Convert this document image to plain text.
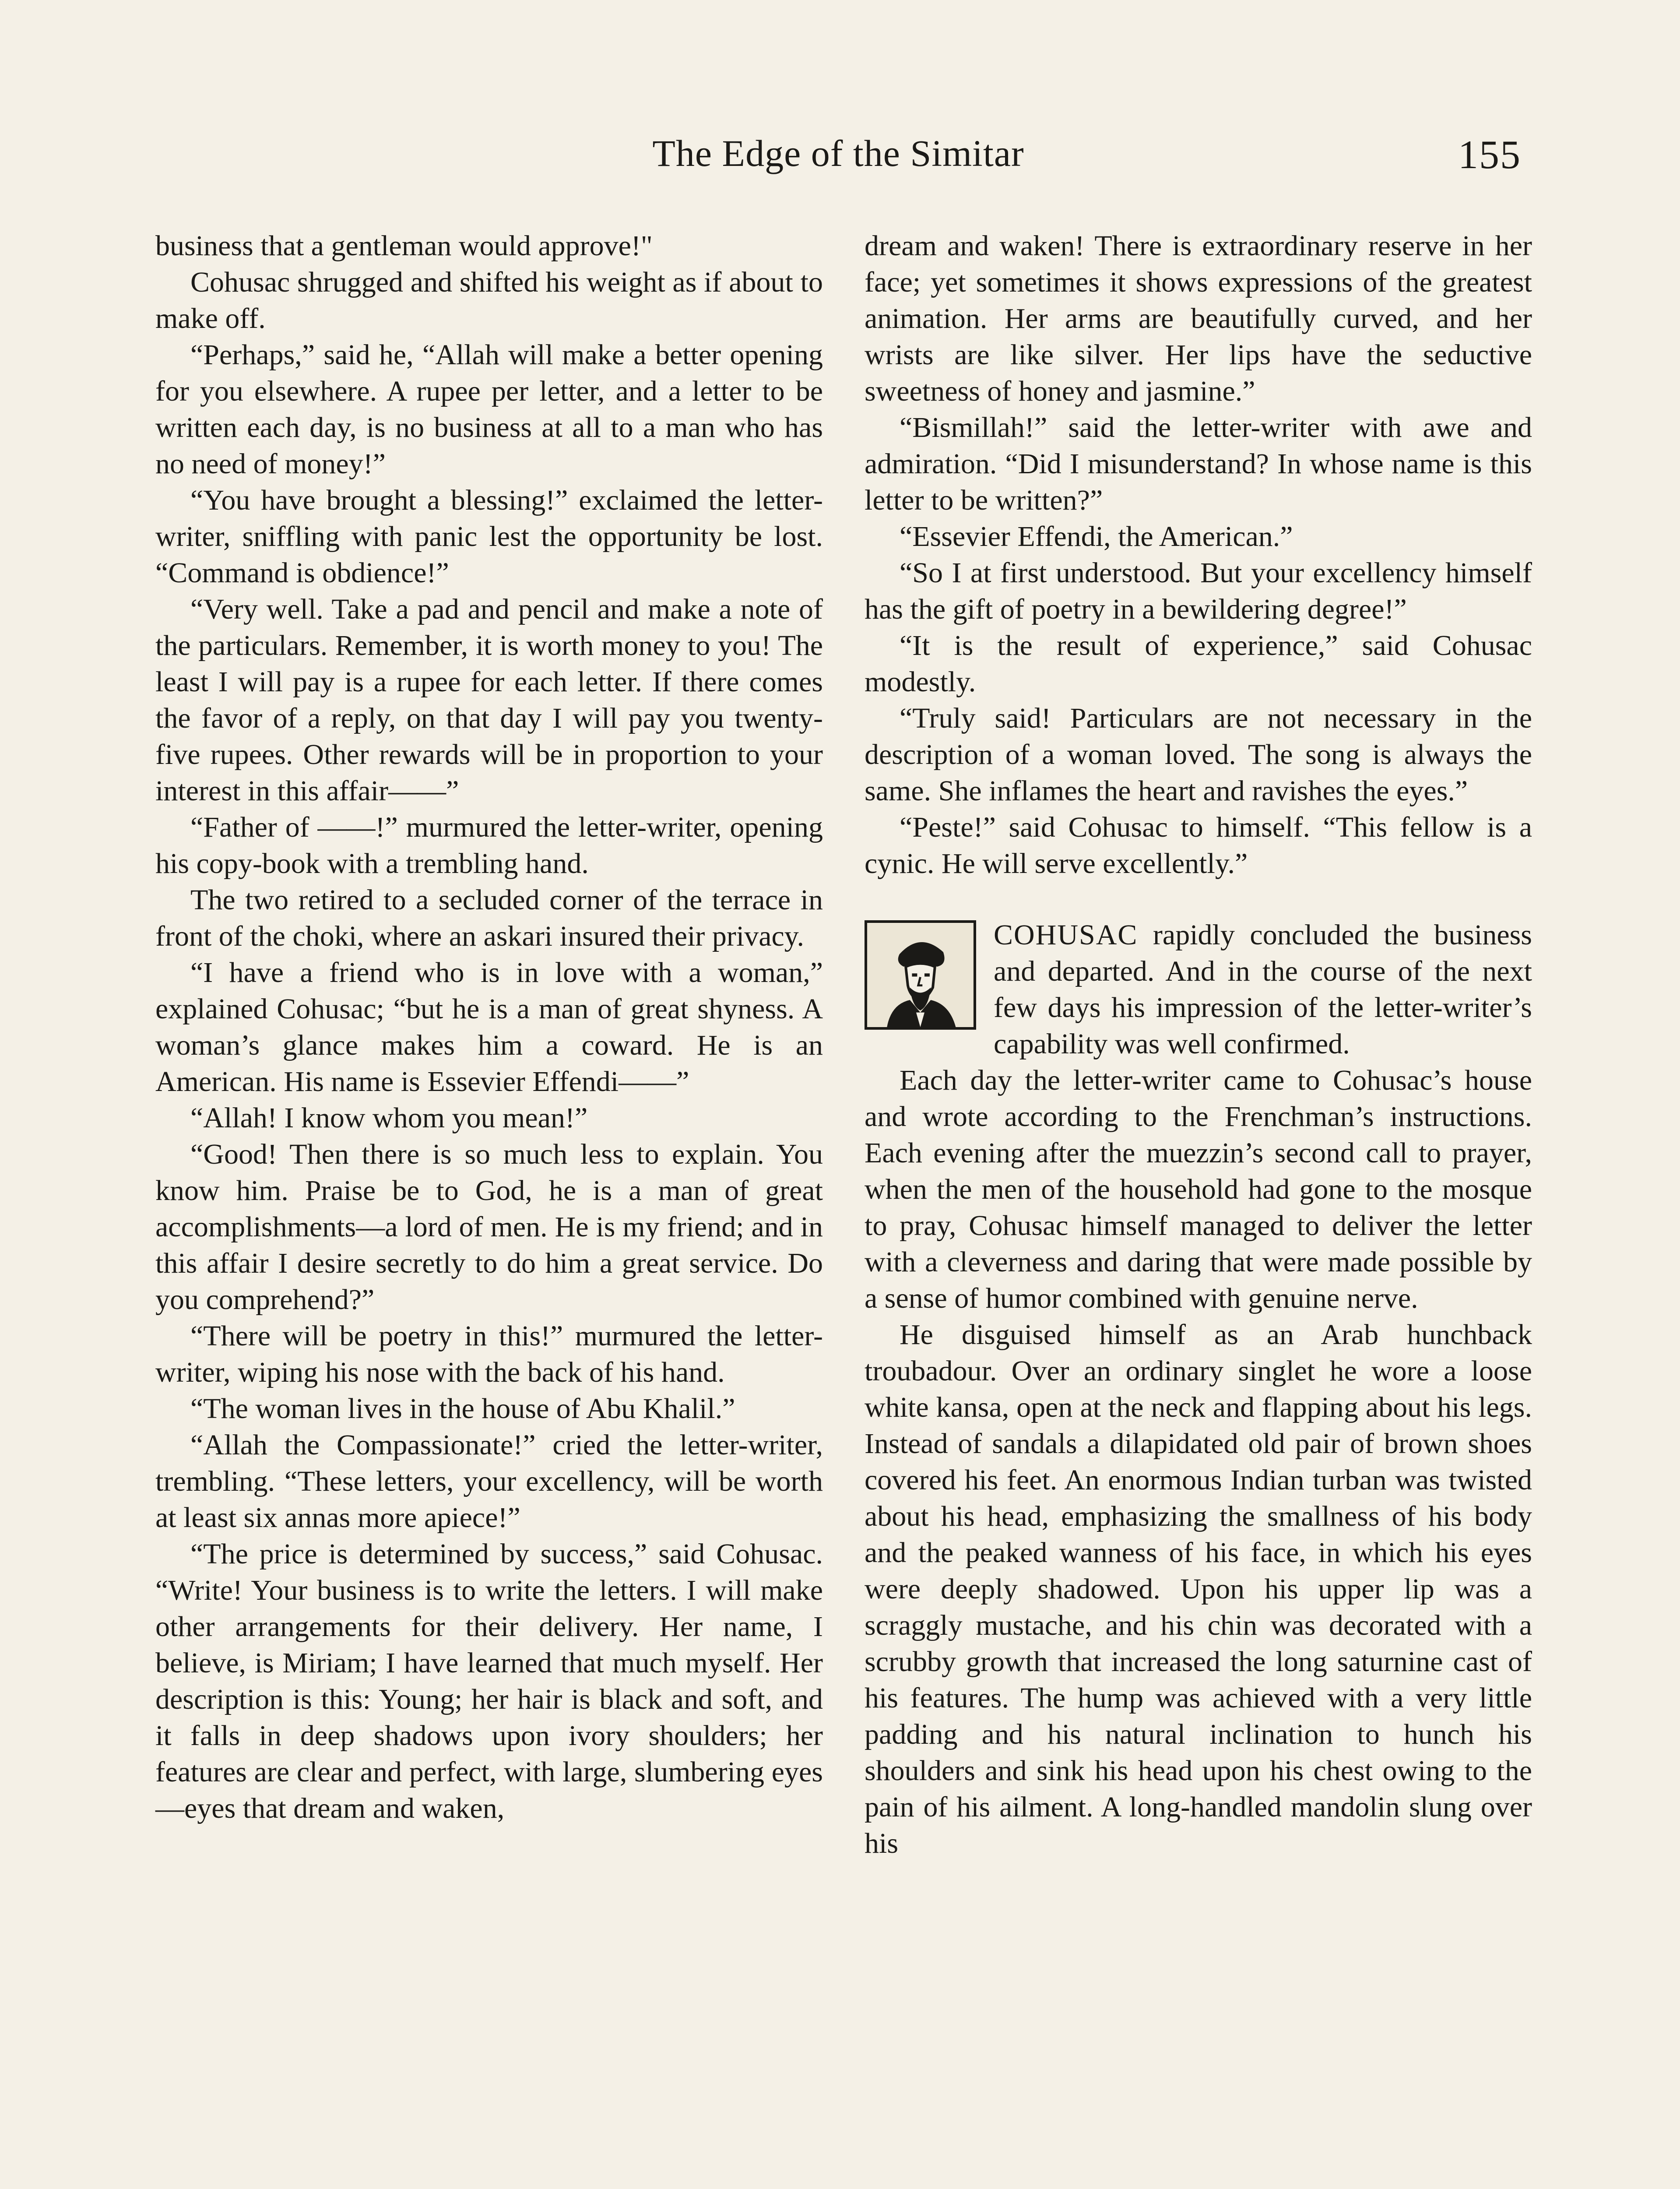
The Edge of the Simitar	155

business that a gentleman would approve!"

Cohusac shrugged and shifted his weight as if about to make off.

“Perhaps,” said he, “Allah will make a better opening for you elsewhere. A rupee per letter, and a letter to be written each day, is no business at all to a man who has no need of money!”

“You have brought a blessing!” exclaimed the letter-writer, sniffling with panic lest the opportunity be lost. “Command is obdience!”

“Very well. Take a pad and pencil and make a note of the particulars. Remember, it is worth money to you! The least I will pay is a rupee for each letter. If there comes the favor of a reply, on that day I will pay you twenty-five rupees. Other rewards will be in proportion to your interest in this affair——”

“Father of ——!” murmured the letter-writer, opening his copy-book with a trembling hand.

The two retired to a secluded corner of the terrace in front of the choki, where an askari insured their privacy.

“I have a friend who is in love with a woman,” explained Cohusac; “but he is a man of great shyness. A woman’s glance makes him a coward. He is an American. His name is Essevier Effendi——”

“Allah! I know whom you mean!”

“Good! Then there is so much less to explain. You know him. Praise be to God, he is a man of great accomplishments—a lord of men. He is my friend; and in this affair I desire secretly to do him a great service. Do you comprehend?”

“There will be poetry in this!” murmured the letter-writer, wiping his nose with the back of his hand.

“The woman lives in the house of Abu Khalil.”

“Allah the Compassionate!” cried the letter-writer, trembling. “These letters, your excellency, will be worth at least six annas more apiece!”

“The price is determined by success,” said Cohusac. “Write! Your business is to write the letters. I will make other arrangements for their delivery. Her name, I believe, is Miriam; I have learned that much myself. Her description is this: Young; her hair is black and soft, and it falls in deep shadows upon ivory shoulders; her features are clear and perfect, with large, slumbering eyes—eyes that dream and waken,

dream and waken! There is extraordinary reserve in her face; yet sometimes it shows expressions of the greatest animation. Her arms are beautifully curved, and her wrists are like silver. Her lips have the seductive sweetness of honey and jasmine.”

“Bismillah!” said the letter-writer with awe and admiration. “Did I misunderstand? In whose name is this letter to be written?”

“Essevier Effendi, the American.”

“So I at first understood. But your excellency himself has the gift of poetry in a bewildering degree!”

“It is the result of experience,” said Cohusac modestly.

“Truly said! Particulars are not necessary in the description of a woman loved. The song is always the same. She inflames the heart and ravishes the eyes.”

“Peste!” said Cohusac to himself. “This fellow is a cynic. He will serve excellently.”

COHUSAC rapidly concluded the business and departed. And in the course of the next few days his impression of the letter-writer’s capability was well confirmed.

Each day the letter-writer came to Cohusac’s house and wrote according to the Frenchman’s instructions. Each evening after the muezzin’s second call to prayer, when the men of the household had gone to the mosque to pray, Cohusac himself managed to deliver the letter with a cleverness and daring that were made possible by a sense of humor combined with genuine nerve.

He disguised himself as an Arab hunchback troubadour. Over an ordinary singlet he wore a loose white kansa, open at the neck and flapping about his legs. Instead of sandals a dilapidated old pair of brown shoes covered his feet. An enormous Indian turban was twisted about his head, emphasizing the smallness of his body and the peaked wanness of his face, in which his eyes were deeply shadowed. Upon his upper lip was a scraggly mustache, and his chin was decorated with a scrubby growth that increased the long saturnine cast of his features. The hump was achieved with a very little padding and his natural inclination to hunch his shoulders and sink his head upon his chest owing to the pain of his ailment. A long-handled mandolin slung over his
